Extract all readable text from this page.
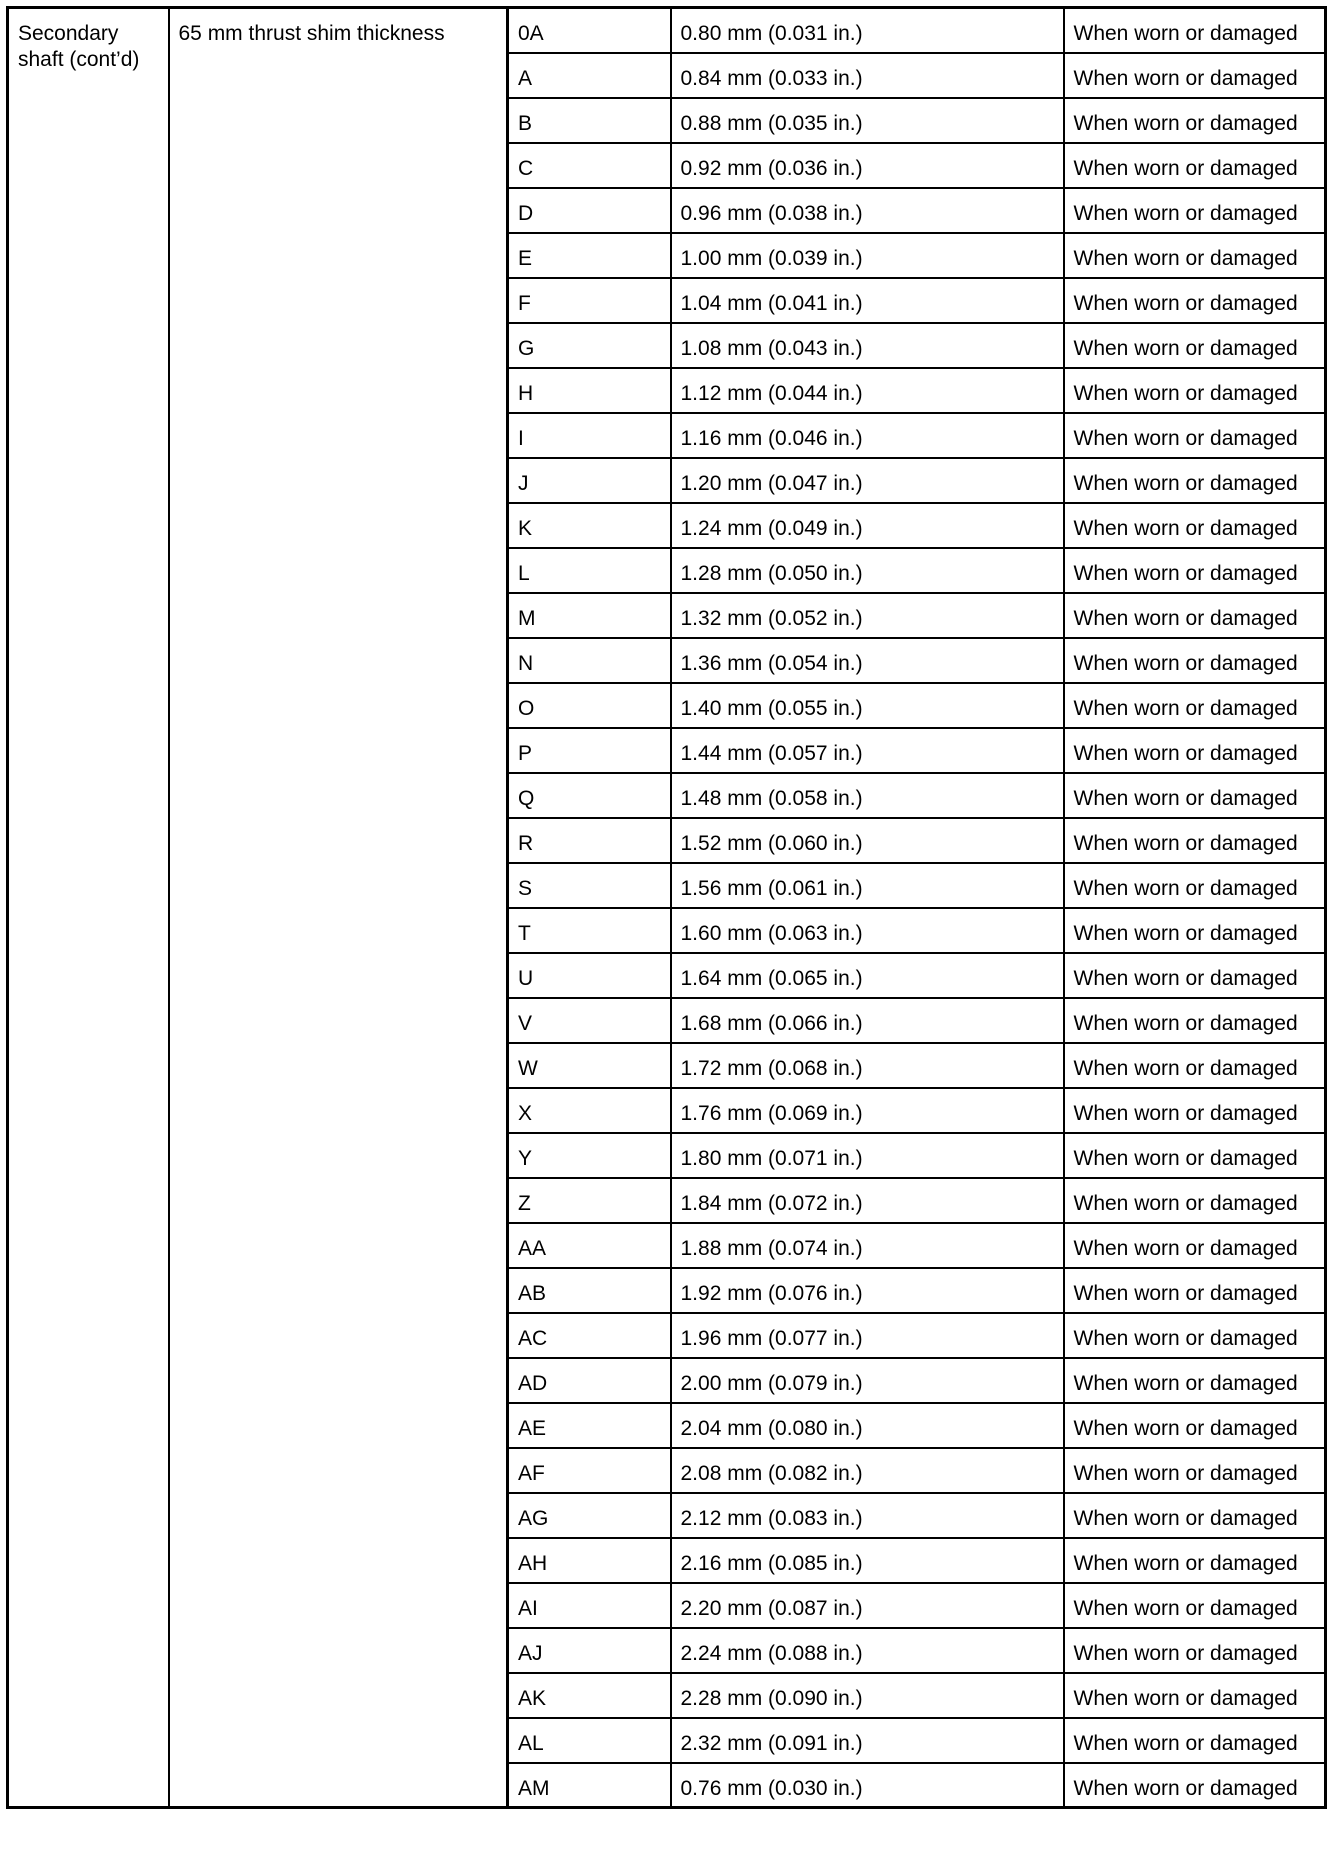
Secondary shaft (cont’d)	65 mm thrust shim thickness	0A	0.80 mm (0.031 in.)	When worn or damaged
		A	0.84 mm (0.033 in.)	When worn or damaged
		B	0.88 mm (0.035 in.)	When worn or damaged
		C	0.92 mm (0.036 in.)	When worn or damaged
		D	0.96 mm (0.038 in.)	When worn or damaged
		E	1.00 mm (0.039 in.)	When worn or damaged
		F	1.04 mm (0.041 in.)	When worn or damaged
		G	1.08 mm (0.043 in.)	When worn or damaged
		H	1.12 mm (0.044 in.)	When worn or damaged
		I	1.16 mm (0.046 in.)	When worn or damaged
		J	1.20 mm (0.047 in.)	When worn or damaged
		K	1.24 mm (0.049 in.)	When worn or damaged
		L	1.28 mm (0.050 in.)	When worn or damaged
		M	1.32 mm (0.052 in.)	When worn or damaged
		N	1.36 mm (0.054 in.)	When worn or damaged
		O	1.40 mm (0.055 in.)	When worn or damaged
		P	1.44 mm (0.057 in.)	When worn or damaged
		Q	1.48 mm (0.058 in.)	When worn or damaged
		R	1.52 mm (0.060 in.)	When worn or damaged
		S	1.56 mm (0.061 in.)	When worn or damaged
		T	1.60 mm (0.063 in.)	When worn or damaged
		U	1.64 mm (0.065 in.)	When worn or damaged
		V	1.68 mm (0.066 in.)	When worn or damaged
		W	1.72 mm (0.068 in.)	When worn or damaged
		X	1.76 mm (0.069 in.)	When worn or damaged
		Y	1.80 mm (0.071 in.)	When worn or damaged
		Z	1.84 mm (0.072 in.)	When worn or damaged
		AA	1.88 mm (0.074 in.)	When worn or damaged
		AB	1.92 mm (0.076 in.)	When worn or damaged
		AC	1.96 mm (0.077 in.)	When worn or damaged
		AD	2.00 mm (0.079 in.)	When worn or damaged
		AE	2.04 mm (0.080 in.)	When worn or damaged
		AF	2.08 mm (0.082 in.)	When worn or damaged
		AG	2.12 mm (0.083 in.)	When worn or damaged
		AH	2.16 mm (0.085 in.)	When worn or damaged
		AI	2.20 mm (0.087 in.)	When worn or damaged
		AJ	2.24 mm (0.088 in.)	When worn or damaged
		AK	2.28 mm (0.090 in.)	When worn or damaged
		AL	2.32 mm (0.091 in.)	When worn or damaged
		AM	0.76 mm (0.030 in.)	When worn or damaged
